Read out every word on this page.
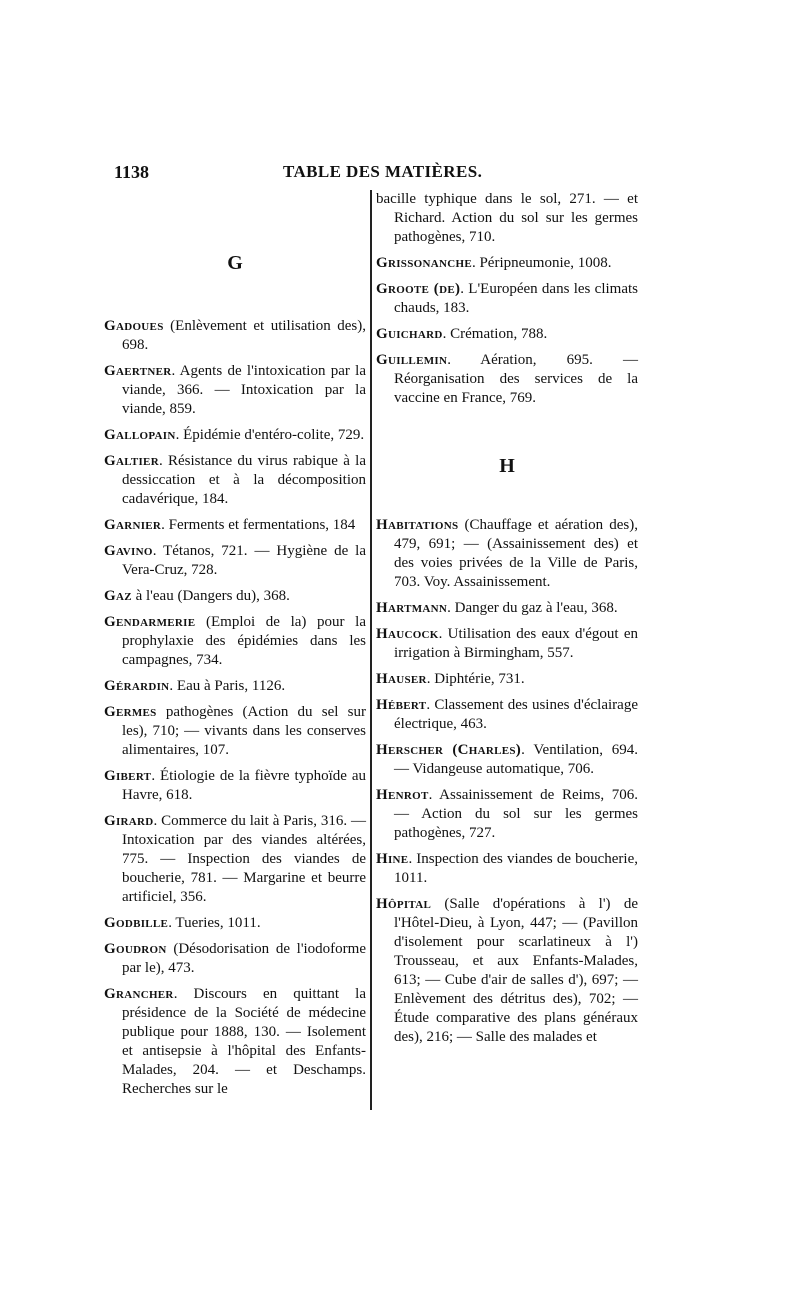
1138	TABLE DES MATIÈRES.

G

Gadoues (Enlèvement et utilisation des), 698.

Gaertner. Agents de l'intoxication par la viande, 366. — Intoxication par la viande, 859.

Gallopain. Épidémie d'entéro-colite, 729.

Galtier. Résistance du virus rabique à la dessiccation et à la décomposition cadavérique, 184.

Garnier. Ferments et fermentations, 184

Gavino. Tétanos, 721. — Hygiène de la Vera-Cruz, 728.

Gaz à l'eau (Dangers du), 368.

Gendarmerie (Emploi de la) pour la prophylaxie des épidémies dans les campagnes, 734.

Gérardin. Eau à Paris, 1126.

Germes pathogènes (Action du sel sur les), 710; — vivants dans les conserves alimentaires, 107.

Gibert. Étiologie de la fièvre typhoïde au Havre, 618.

Girard. Commerce du lait à Paris, 316. — Intoxication par des viandes altérées, 775. — Inspection des viandes de boucherie, 781. — Margarine et beurre artificiel, 356.

Godbille. Tueries, 1011.

Goudron (Désodorisation de l'iodoforme par le), 473.

Grancher. Discours en quittant la présidence de la Société de médecine publique pour 1888, 130. — Isolement et antisepsie à l'hôpital des Enfants-Malades, 204. — et Deschamps. Recherches sur le

bacille typhique dans le sol, 271. — et Richard. Action du sol sur les germes pathogènes, 710.

Grissonanche. Péripneumonie, 1008.

Groote (de). L'Européen dans les climats chauds, 183.

Guichard. Crémation, 788.

Guillemin. Aération, 695. — Réorganisation des services de la vaccine en France, 769.

H

Habitations (Chauffage et aération des), 479, 691; — (Assainissement des) et des voies privées de la Ville de Paris, 703. Voy. Assainissement.

Hartmann. Danger du gaz à l'eau, 368.

Haucock. Utilisation des eaux d'égout en irrigation à Birmingham, 557.

Hauser. Diphtérie, 731.

Hébert. Classement des usines d'éclairage électrique, 463.

Herscher (Charles). Ventilation, 694. — Vidangeuse automatique, 706.

Henrot. Assainissement de Reims, 706. — Action du sol sur les germes pathogènes, 727.

Hine. Inspection des viandes de boucherie, 1011.

Hôpital (Salle d'opérations à l') de l'Hôtel-Dieu, à Lyon, 447; — (Pavillon d'isolement pour scarlatineux à l') Trousseau, et aux Enfants-Malades, 613; — Cube d'air de salles d'), 697; — Enlèvement des détritus des), 702; — Étude comparative des plans généraux des), 216; — Salle des malades et
